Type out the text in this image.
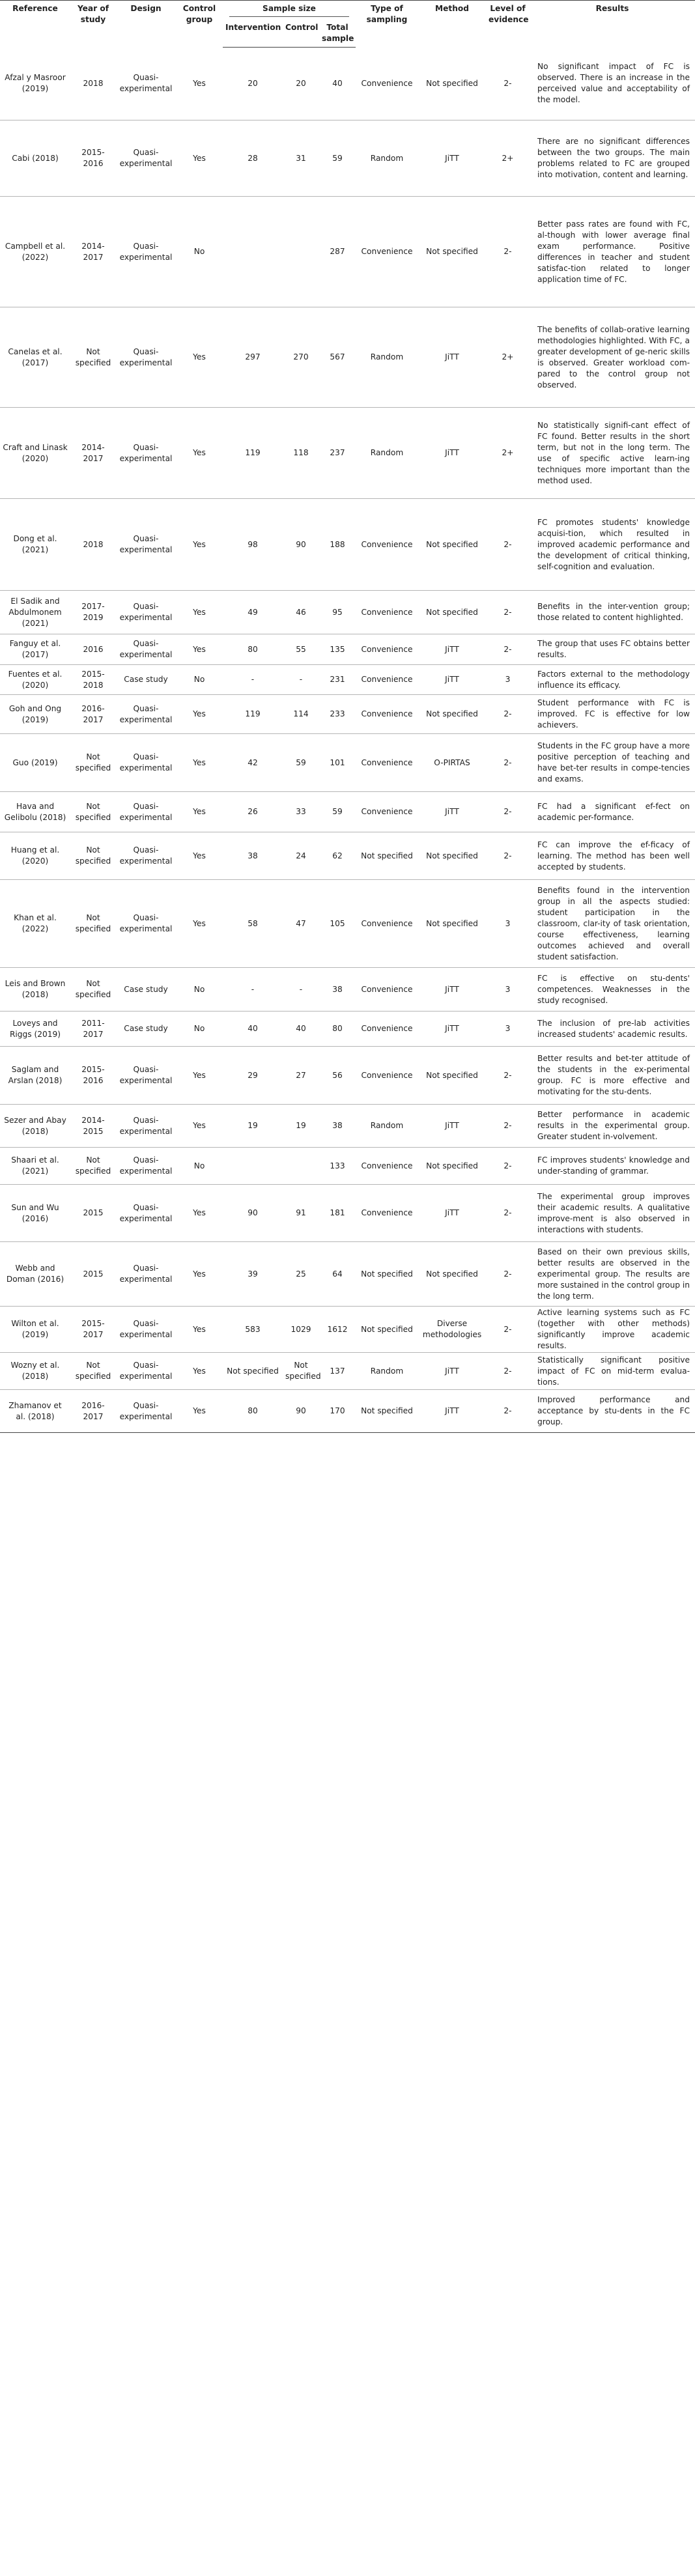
Reference	Year of study	Design	Control group	Sample size			Type of sampling	Method	Level of evidence	Results
				Intervention	Control	Total sample				
Afzal y Masroor (2019)	2018	Quasi-experimental	Yes	20	20	40	Convenience	Not specified	2-	No significant impact of FC is observed. There is an increase in the perceived value and acceptability of the model.
Cabi (2018)	2015-2016	Quasi-experimental	Yes	28	31	59	Random	JiTT	2+	There are no significant differences between the two groups. The main problems related to FC are grouped into motivation, content and learning.
Campbell et al. (2022)	2014-2017	Quasi-experimental	No			287	Convenience	Not specified	2-	Better pass rates are found with FC, al-though with lower average final exam performance. Positive differences in teacher and student satisfac-tion related to longer application time of FC.
Canelas et al. (2017)	Not specified	Quasi-experimental	Yes	297	270	567	Random	JiTT	2+	The benefits of collab-orative learning methodologies highlighted. With FC, a greater development of ge-neric skills is observed. Greater workload com-pared to the control group not observed.
Craft and Linask (2020)	2014-2017	Quasi-experimental	Yes	119	118	237	Random	JiTT	2+	No statistically signifi-cant effect of FC found. Better results in the short term, but not in the long term. The use of specific active learn-ing techniques more important than the method used.
Dong et al. (2021)	2018	Quasi-experimental	Yes	98	90	188	Convenience	Not specified	2-	FC promotes students' knowledge acquisi-tion, which resulted in improved academic performance and the development of critical thinking, self-cognition and evaluation.
El Sadik and Abdulmonem (2021)	2017-2019	Quasi-experimental	Yes	49	46	95	Convenience	Not specified	2-	Benefits in the inter-vention group; those related to content highlighted.
Fanguy et al. (2017)	2016	Quasi-experimental	Yes	80	55	135	Convenience	JiTT	2-	The group that uses FC obtains better results.
Fuentes et al. (2020)	2015-2018	Case study	No	-	-	231	Convenience	JiTT	3	Factors external to the methodology influence its efficacy.
Goh and Ong (2019)	2016-2017	Quasi-experimental	Yes	119	114	233	Convenience	Not specified	2-	Student performance with FC is improved. FC is effective for low achievers.
Guo (2019)	Not specified	Quasi-experimental	Yes	42	59	101	Convenience	O-PIRTAS	2-	Students in the FC group have a more positive perception of teaching and have bet-ter results in compe-tencies and exams.
Hava and Gelibolu (2018)	Not specified	Quasi-experimental	Yes	26	33	59	Convenience	JiTT	2-	FC had a significant ef-fect on academic per-formance.
Huang et al. (2020)	Not specified	Quasi-experimental	Yes	38	24	62	Not specified	Not specified	2-	FC can improve the ef-ficacy of learning. The method has been well accepted by students.
Khan et al. (2022)	Not specified	Quasi-experimental	Yes	58	47	105	Convenience	Not specified	3	Benefits found in the intervention group in all the aspects studied: student participation in the classroom, clar-ity of task orientation, course effectiveness, learning outcomes achieved and overall student satisfaction.
Leis and Brown (2018)	Not specified	Case study	No	-	-	38	Convenience	JiTT	3	FC is effective on stu-dents' competences. Weaknesses in the study recognised.
Loveys and Riggs (2019)	2011-2017	Case study	No	40	40	80	Convenience	JiTT	3	The inclusion of pre-lab activities increased students' academic results.
Saglam and Arslan (2018)	2015-2016	Quasi-experimental	Yes	29	27	56	Convenience	Not specified	2-	Better results and bet-ter attitude of the students in the ex-perimental group. FC is more effective and motivating for the stu-dents.
Sezer and Abay (2018)	2014-2015	Quasi-experimental	Yes	19	19	38	Random	JiTT	2-	Better performance in academic results in the experimental group. Greater student in-volvement.
Shaari et al. (2021)	Not specified	Quasi-experimental	No			133	Convenience	Not specified	2-	FC improves students' knowledge and under-standing of grammar.
Sun and Wu (2016)	2015	Quasi-experimental	Yes	90	91	181	Convenience	JiTT	2-	The experimental group improves their academic results. A qualitative improve-ment is also observed in interactions with students.
Webb and Doman (2016)	2015	Quasi-experimental	Yes	39	25	64	Not specified	Not specified	2-	Based on their own previous skills, better results are observed in the experimental group. The results are more sustained in the control group in the long term.
Wilton et al. (2019)	2015-2017	Quasi-experimental	Yes	583	1029	1612	Not specified	Diverse methodologies	2-	Active learning systems such as FC (together with other methods) significantly improve academic results.
Wozny et al. (2018)	Not specified	Quasi-experimental	Yes	Not specified	Not specified	137	Random	JiTT	2-	Statistically significant positive impact of FC on mid-term evalua-tions.
Zhamanov et al. (2018)	2016-2017	Quasi-experimental	Yes	80	90	170	Not specified	JiTT	2-	Improved performance and acceptance by stu-dents in the FC group.
